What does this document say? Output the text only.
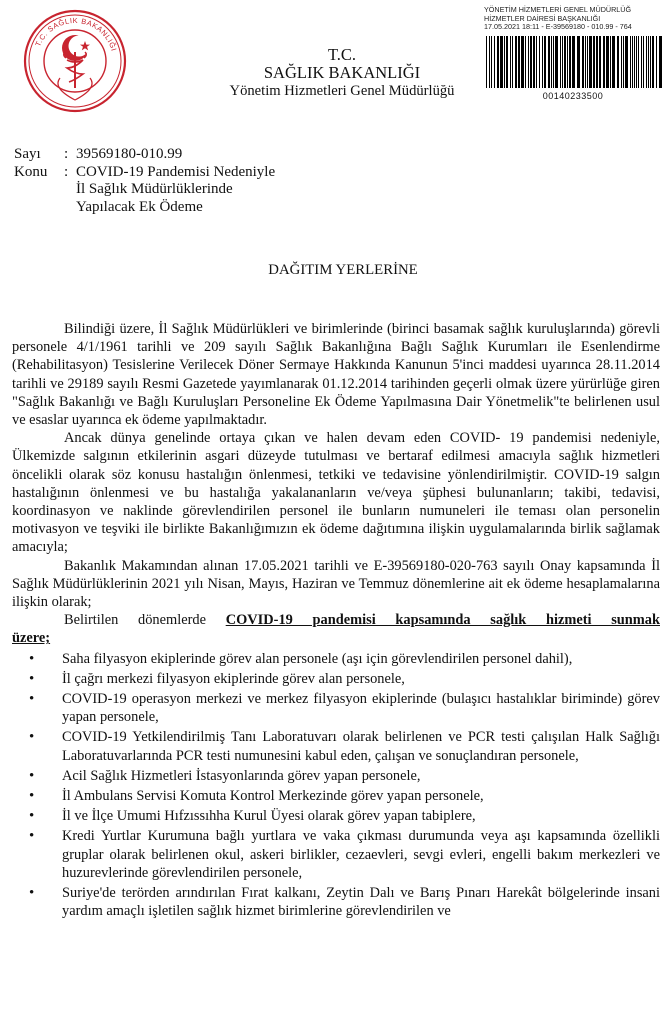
T.C. SAĞLIK BAKANLIĞI
YÖNETİM HİZMETLERİ GENEL MÜDÜRLÜĞ
HİZMETLER DAİRESİ BAŞKANLIĞI
17.05.2021 18:11 - E-39569180 - 010.99 - 764
00140233500
T.C.
SAĞLIK BAKANLIĞI
Yönetim Hizmetleri Genel Müdürlüğü
Sayı	: 39569180-010.99
Konu	: COVID-19 Pandemisi Nedeniyle
İl Sağlık Müdürlüklerinde
Yapılacak Ek Ödeme
DAĞITIM YERLERİNE

Bilindiği üzere, İl Sağlık Müdürlükleri ve birimlerinde (birinci basamak sağlık kuruluşlarında) görevli personele 4/1/1961 tarihli ve 209 sayılı Sağlık Bakanlığına Bağlı Sağlık Kurumları ile Esenlendirme (Rehabilitasyon) Tesislerine Verilecek Döner Sermaye Hakkında Kanunun 5'inci maddesi uyarınca 28.11.2014 tarihli ve 29189 sayılı Resmi Gazetede yayımlanarak 01.12.2014 tarihinden geçerli olmak üzere yürürlüğe giren "Sağlık Bakanlığı ve Bağlı Kuruluşları Personeline Ek Ödeme Yapılmasına Dair Yönetmelik"te belirlenen usul ve esaslar uyarınca ek ödeme yapılmaktadır.

Ancak dünya genelinde ortaya çıkan ve halen devam eden COVID- 19 pandemisi nedeniyle, Ülkemizde salgının etkilerinin asgari düzeyde tutulması ve bertaraf edilmesi amacıyla sağlık hizmetleri öncelikli olarak söz konusu hastalığın önlenmesi, tetkiki ve tedavisine yönlendirilmiştir. COVID-19 salgın hastalığının önlenmesi ve bu hastalığa yakalananların ve/veya şüphesi bulunanların; takibi, tedavisi, koordinasyon ve naklinde görevlendirilen personel ile bunların numuneleri ile teması olan personelin motivasyon ve teşviki ile birlikte Bakanlığımızın ek ödeme dağıtımına ilişkin uygulamalarında birlik sağlamak amacıyla;

Bakanlık Makamından alınan 17.05.2021 tarihli ve E-39569180-020-763 sayılı Onay kapsamında İl Sağlık Müdürlüklerinin 2021 yılı Nisan, Mayıs, Haziran ve Temmuz dönemlerine ait ek ödeme hesaplamalarına ilişkin olarak;

Belirtilen dönemlerde COVID-19 pandemisi kapsamında sağlık hizmeti sunmak

üzere;
• Saha filyasyon ekiplerinde görev alan personele (aşı için görevlendirilen personel dahil),
• İl çağrı merkezi filyasyon ekiplerinde görev alan personele,
• COVID-19 operasyon merkezi ve merkez filyasyon ekiplerinde (bulaşıcı hastalıklar biriminde) görev yapan personele,
• COVID-19 Yetkilendirilmiş Tanı Laboratuvarı olarak belirlenen ve PCR testi çalışılan Halk Sağlığı Laboratuvarlarında PCR testi numunesini kabul eden, çalışan ve sonuçlandıran personele,
• Acil Sağlık Hizmetleri İstasyonlarında görev yapan personele,
• İl Ambulans Servisi Komuta Kontrol Merkezinde görev yapan personele,
• İl ve İlçe Umumi Hıfzıssıhha Kurul Üyesi olarak görev yapan tabiplere,
• Kredi Yurtlar Kurumuna bağlı yurtlara ve vaka çıkması durumunda veya aşı kapsamında özellikli gruplar olarak belirlenen okul, askeri birlikler, cezaevleri, sevgi evleri, engelli bakım merkezleri ve huzurevlerinde görevlendirilen personele,
• Suriye'de terörden arındırılan Fırat kalkanı, Zeytin Dalı ve Barış Pınarı Harekât bölgelerinde insani yardım amaçlı işletilen sağlık hizmet birimlerine görevlendirilen ve
